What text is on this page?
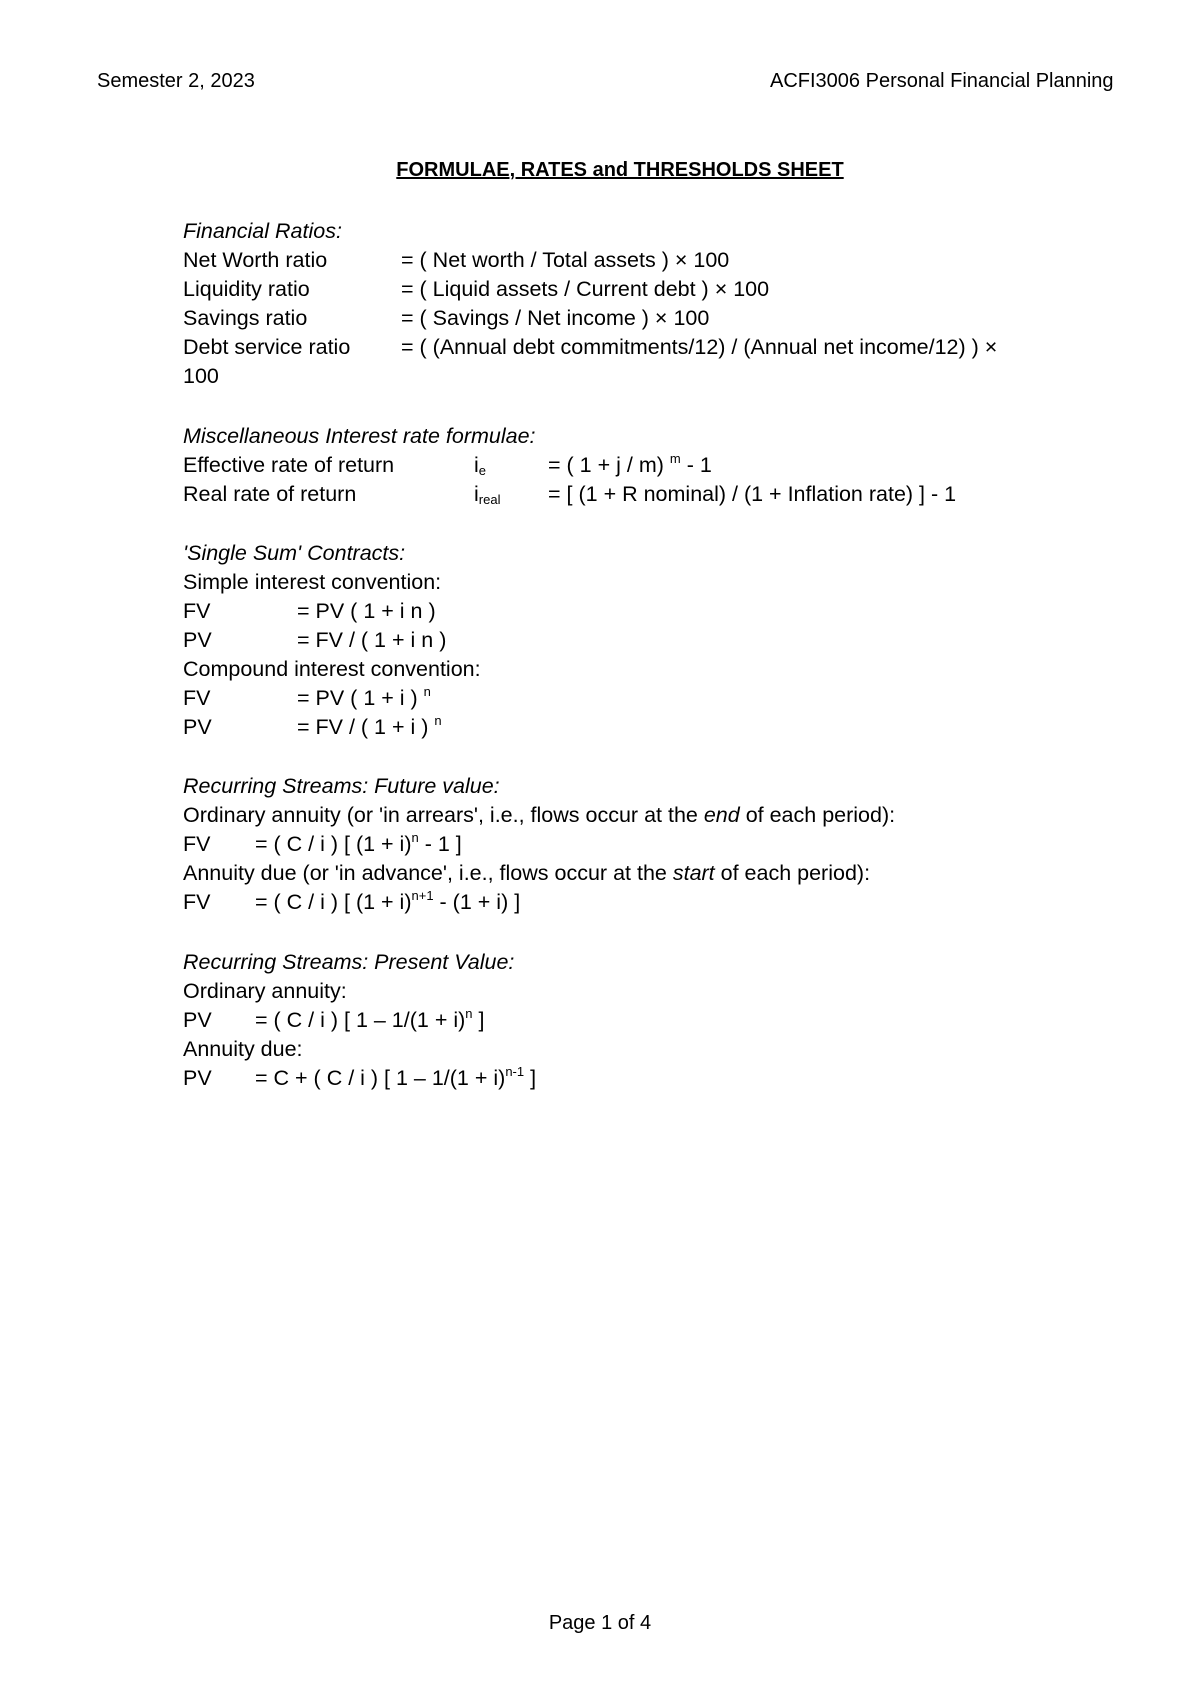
Semester 2, 2023	ACFI3006 Personal Financial Planning
FORMULAE, RATES and THRESHOLDS SHEET
Financial Ratios:
Net Worth ratio	= ( Net worth / Total assets ) × 100
Liquidity ratio	= ( Liquid assets / Current debt ) × 100
Savings ratio	= ( Savings / Net income ) × 100
Debt service ratio = ( (Annual debt commitments/12) / (Annual net income/12) ) ×
100
Miscellaneous Interest rate formulae:
Effective rate of return	$i_e$	= ( 1 + j / m) $^m$ - 1
Real rate of return	$i_{real}$ = [ (1 + R nominal) / (1 + Inflation rate) ] - 1
'Single Sum' Contracts:
Simple interest convention:
FV	= PV ( 1 + i n )
PV	= FV / ( 1 + i n )
Compound interest convention:
FV	= PV ( 1 + i ) $^n$
PV	= FV / ( 1 + i ) $^n$
Recurring Streams: Future value:
Ordinary annuity (or 'in arrears', i.e., flows occur at the end of each period):
FV = ( C / i ) [ $(1 + i)^n - 1$ ]
Annuity due (or 'in advance', i.e., flows occur at the start of each period):
FV = ( C / i ) [ $(1 + i)^{n+1} - (1 + i)$ ]
Recurring Streams: Present Value:
Ordinary annuity:
PV = ( C / i ) [ $1 - 1/(1 + i)^n$ ]
Annuity due:
PV = C + ( C / i ) [ $1 - 1/(1 + i)^{n-1}$ ]
Page 1 of 4
